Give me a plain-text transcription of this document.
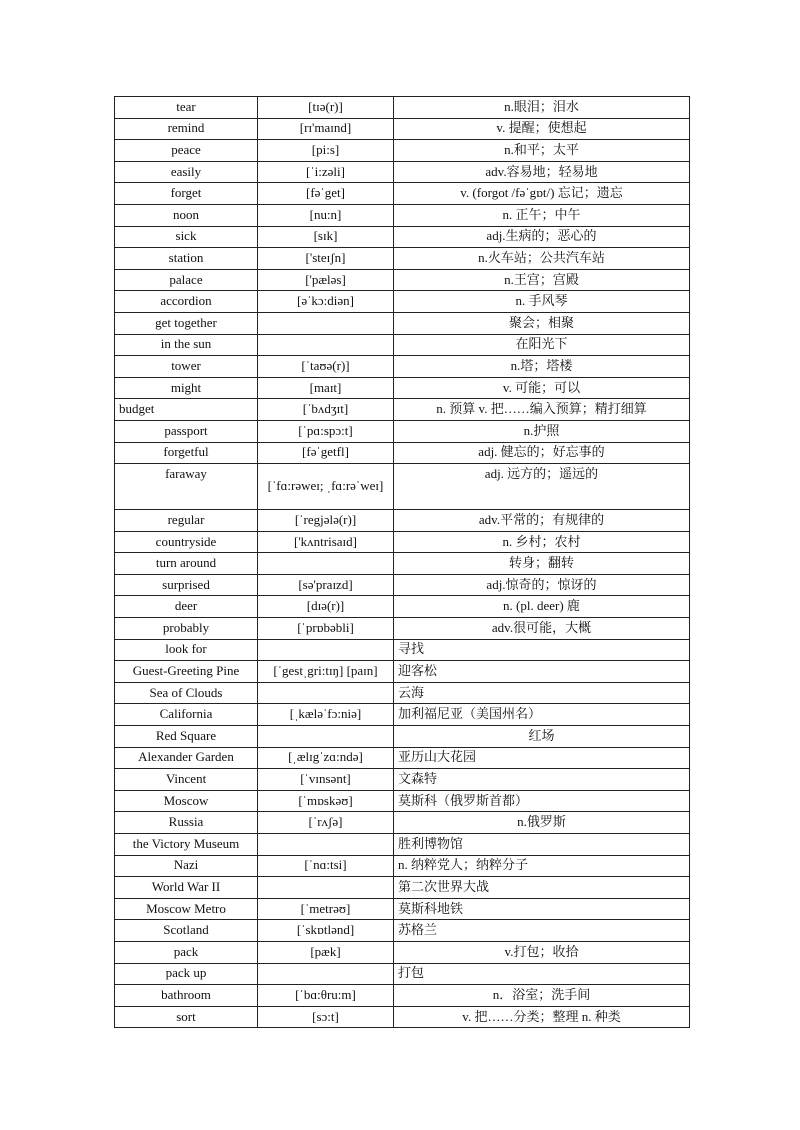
tear	[tɪə(r)]	n.眼泪；泪水
remind	[rɪ'maɪnd]	v. 提醒；使想起
peace	[pi:s]	n.和平；太平
easily	[ˈi:zəli]	adv.容易地；轻易地
forget	[fəˈget]	v. (forgot /fəˈgɒt/) 忘记；遗忘
noon	[nu:n]	n. 正午；中午
sick	[sɪk]	adj.生病的；恶心的
station	['steɪʃn]	n.火车站；公共汽车站
palace	['pæləs]	n.王宫；宫殿
accordion	[əˈkɔ:diən]	n. 手风琴
get together		聚会；相聚
in the sun		在阳光下
tower	[ˈtaʊə(r)]	n.塔；塔楼
might	[maɪt]	v. 可能；可以
budget	[ˈbʌdʒɪt]	n. 预算 v. 把……编入预算；精打细算
passport	[ˈpɑ:spɔ:t]	n.护照
forgetful	[fəˈgetfl]	adj. 健忘的；好忘事的
faraway	[ˈfɑ:rəweɪ; ˌfɑ:rəˈweɪ]	adj. 远方的；遥远的
regular	[ˈregjələ(r)]	adv.平常的；有规律的
countryside	['kʌntrisaɪd]	n. 乡村；农村
turn around		转身；翻转
surprised	[sə'praɪzd]	adj.惊奇的；惊讶的
deer	[dɪə(r)]	n. (pl. deer) 鹿
probably	[ˈprɒbəbli]	adv.很可能，大概
look for		寻找
Guest-Greeting Pine	[ˈgestˌgri:tɪŋ] [paɪn]	迎客松
Sea of Clouds		云海
California	[ˌkæləˈfɔ:niə]	加利福尼亚（美国州名）
Red Square		红场
Alexander Garden	[ˌælɪgˈzɑ:ndə]	亚历山大花园
Vincent	[ˈvɪnsənt]	文森特
Moscow	[ˈmɒskəʊ]	莫斯科（俄罗斯首都）
Russia	[ˈrʌʃə]	n.俄罗斯
the Victory Museum		胜利博物馆
Nazi	[ˈnɑ:tsi]	n. 纳粹党人；纳粹分子
World War II		第二次世界大战
Moscow Metro	[ˈmetrəʊ]	莫斯科地铁
Scotland	[ˈskɒtlənd]	苏格兰
pack	[pæk]	v.打包；收拾
pack up		打包
bathroom	[ˈbɑ:θru:m]	n．浴室；洗手间
sort	[sɔ:t]	v. 把……分类；整理 n. 种类
